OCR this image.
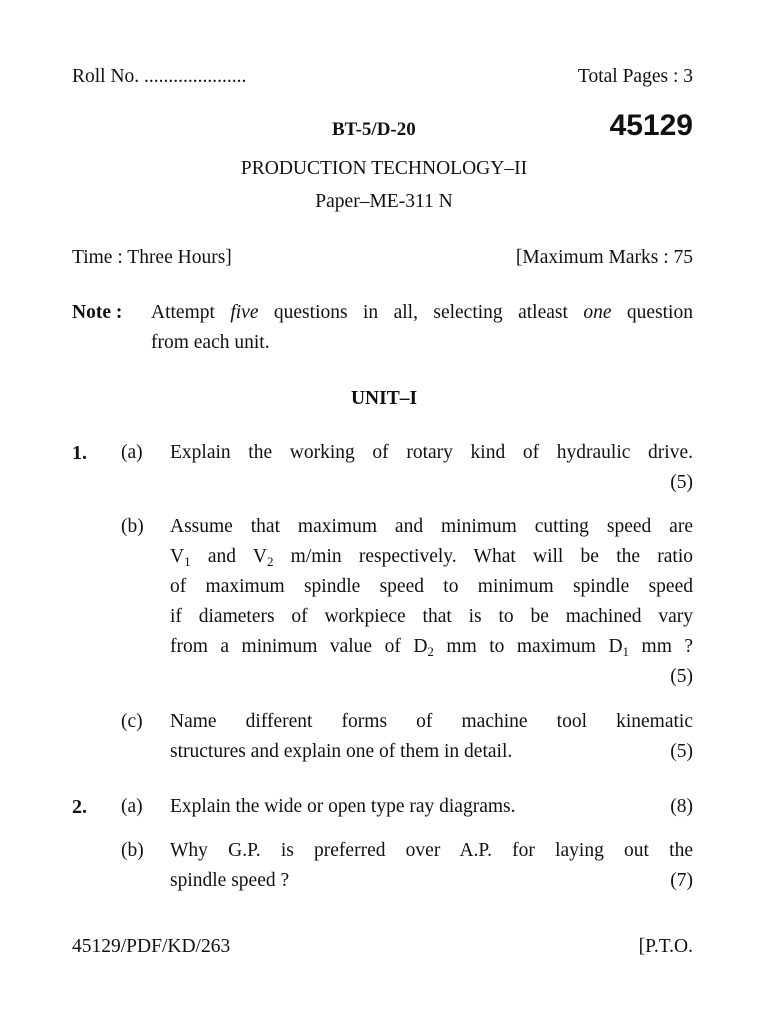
Roll No. .....................	Total Pages : 3
BT-5/D-20	45129
PRODUCTION TECHNOLOGY–II
Paper–ME-311 N
Time : Three Hours]	[Maximum Marks : 75
Note : Attempt five questions in all, selecting atleast one question
from each unit.
UNIT–I
1. (a) Explain the working of rotary kind of hydraulic drive.
(5)
(b) Assume that maximum and minimum cutting speed are
$V_1$ and $V_2$ m/min respectively. What will be the ratio
of maximum spindle speed to minimum spindle speed
if diameters of workpiece that is to be machined vary
from a minimum value of $D_2$ mm to maximum $D_1$ mm ?
(5)
(c) Name different forms of machine tool kinematic
structures and explain one of them in detail.	(5)
2. (a) Explain the wide or open type ray diagrams.	(8)
(b) Why G.P. is preferred over A.P. for laying out the
spindle speed ?	(7)
45129/PDF/KD/263	[P.T.O.
